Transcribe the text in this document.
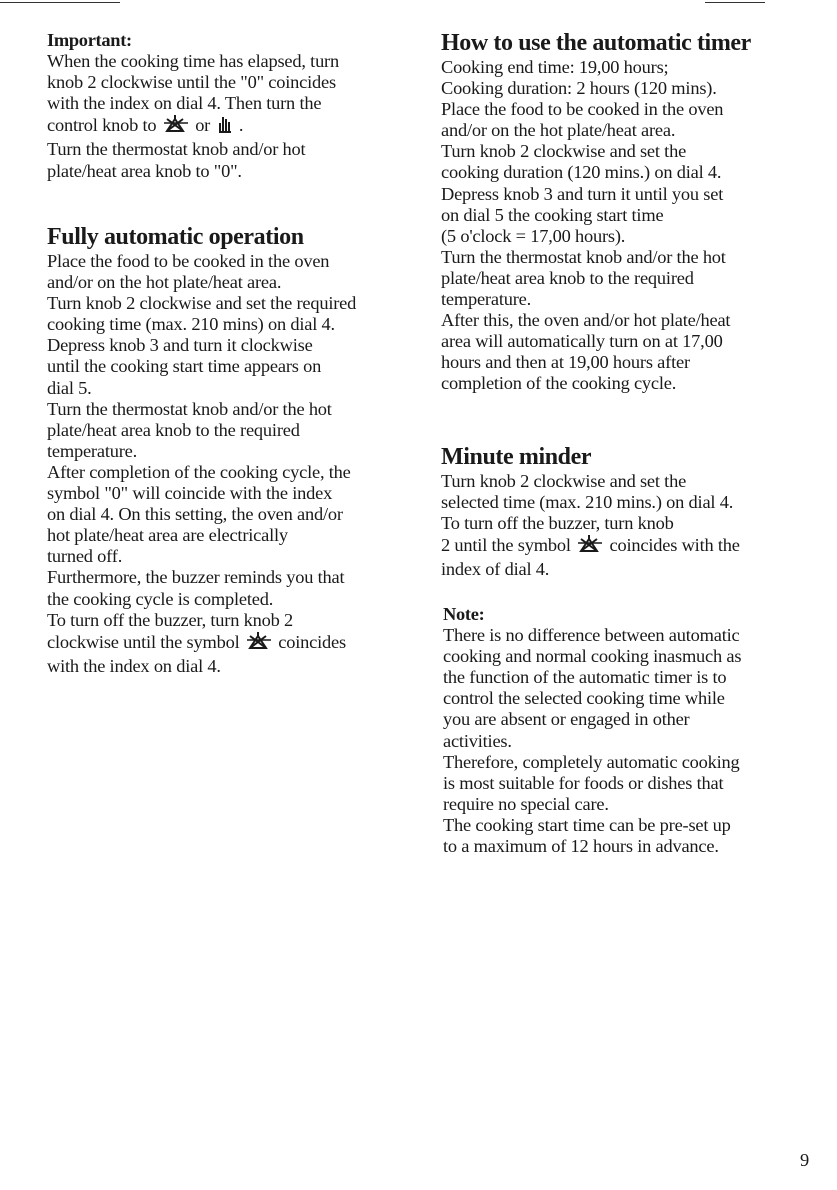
Important:

When the cooking time has elapsed, turn

knob 2 clockwise until the "0" coincides

with the index on dial 4. Then turn the

control knob to or .

Turn the thermostat knob and/or hot

plate/heat area knob to "0".

Fully automatic operation

Place the food to be cooked in the oven

and/or on the hot plate/heat area.

Turn knob 2 clockwise and set the required

cooking time (max. 210 mins) on dial 4.

Depress knob 3 and turn it clockwise

until the cooking start time appears on

dial 5.

Turn the thermostat knob and/or the hot

plate/heat area knob to the required

temperature.

After completion of the cooking cycle, the

symbol "0" will coincide with the index

on dial 4. On this setting, the oven and/or

hot plate/heat area are electrically

turned off.

Furthermore, the buzzer reminds you that

the cooking cycle is completed.

To turn off the buzzer, turn knob 2

clockwise until the symbol coincides

with the index on dial 4.

How to use the automatic timer

Cooking end time: 19,00 hours;

Cooking duration: 2 hours (120 mins).

Place the food to be cooked in the oven

and/or on the hot plate/heat area.

Turn knob 2 clockwise and set the

cooking duration (120 mins.) on dial 4.

Depress knob 3 and turn it until you set

on dial 5 the cooking start time

(5 o'clock = 17,00 hours).

Turn the thermostat knob and/or the hot

plate/heat area knob to the required

temperature.

After this, the oven and/or hot plate/heat

area will automatically turn on at 17,00

hours and then at 19,00 hours after

completion of the cooking cycle.

Minute minder

Turn knob 2 clockwise and set the

selected time (max. 210 mins.) on dial 4.

To turn off the buzzer, turn knob

2 until the symbol coincides with the

index of dial 4.

Note:

There is no difference between automatic

cooking and normal cooking inasmuch as

the function of the automatic timer is to

control the selected cooking time while

you are absent or engaged in other

activities.

Therefore, completely automatic cooking

is most suitable for foods or dishes that

require no special care.

The cooking start time can be pre-set up

to a maximum of 12 hours in advance.

9
